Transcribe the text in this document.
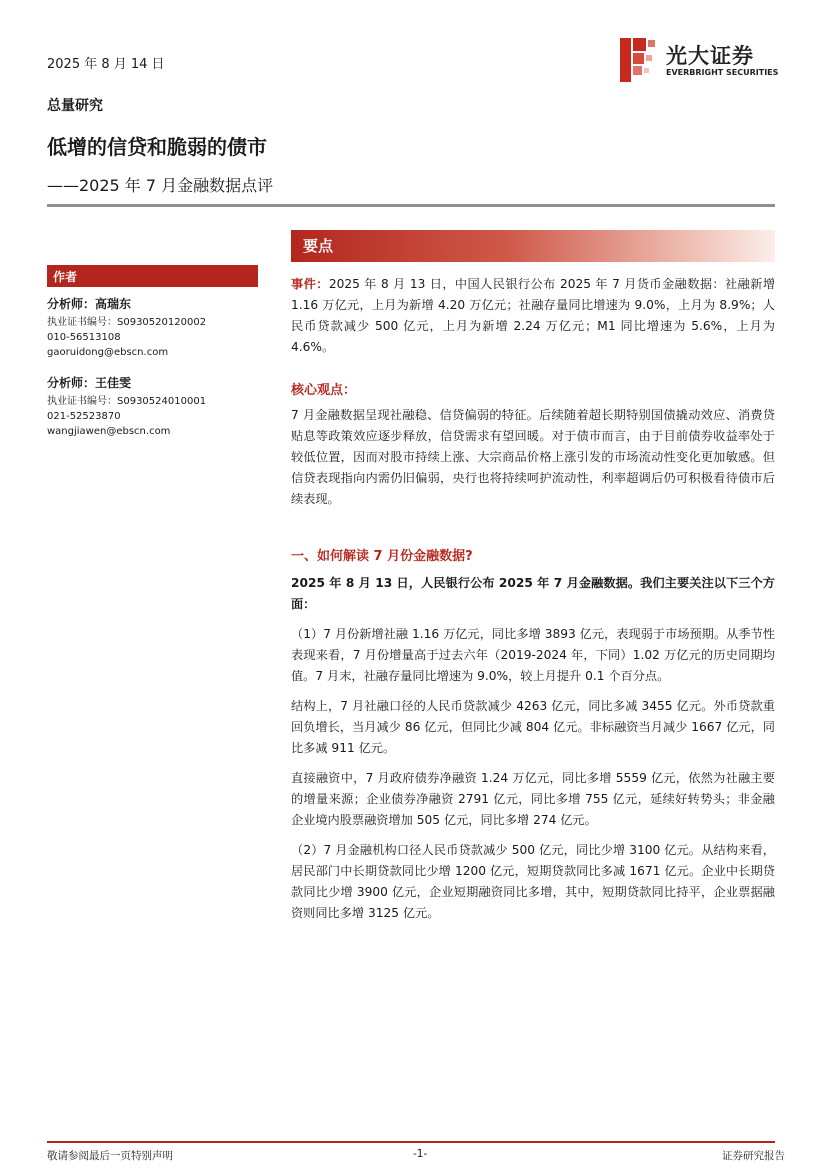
2025 年 8 月 14 日	光大证券
EVERBRIGHT SECURITIES
总量研究
低增的信贷和脆弱的债市
——2025 年 7 月金融数据点评
要点
作者
分析师：高瑞东
执业证书编号：S0930520120002
010-56513108
gaoruidong@ebscn.com
分析师：王佳雯
执业证书编号：S0930524010001
021-52523870
wangjiawen@ebscn.com

事件：2025 年 8 月 13 日，中国人民银行公布 2025 年 7 月货币金融数据：社融新增 1.16 万亿元，上月为新增 4.20 万亿元；社融存量同比增速为 9.0%，上月为 8.9%；人民币贷款减少 500 亿元，上月为新增 2.24 万亿元；M1 同比增速为 5.6%，上月为 4.6%。

核心观点：

7 月金融数据呈现社融稳、信贷偏弱的特征。后续随着超长期特别国债撬动效应、消费贷贴息等政策效应逐步释放，信贷需求有望回暖。对于债市而言，由于目前债券收益率处于较低位置，因而对股市持续上涨、大宗商品价格上涨引发的市场流动性变化更加敏感。但信贷表现指向内需仍旧偏弱，央行也将持续呵护流动性，利率超调后仍可积极看待债市后续表现。

一、如何解读 7 月份金融数据?

2025 年 8 月 13 日，人民银行公布 2025 年 7 月金融数据。我们主要关注以下三个方面：

（1）7 月份新增社融 1.16 万亿元，同比多增 3893 亿元，表现弱于市场预期。从季节性表现来看，7 月份增量高于过去六年（2019-2024 年，下同）1.02 万亿元的历史同期均值。7 月末，社融存量同比增速为 9.0%，较上月提升 0.1 个百分点。

结构上，7 月社融口径的人民币贷款减少 4263 亿元，同比多减 3455 亿元。外币贷款重回负增长，当月减少 86 亿元，但同比少减 804 亿元。非标融资当月减少 1667 亿元，同比多减 911 亿元。

直接融资中，7 月政府债券净融资 1.24 万亿元，同比多增 5559 亿元，依然为社融主要的增量来源；企业债券净融资 2791 亿元，同比多增 755 亿元，延续好转势头；非金融企业境内股票融资增加 505 亿元，同比多增 274 亿元。

（2）7 月金融机构口径人民币贷款减少 500 亿元，同比少增 3100 亿元。从结构来看，居民部门中长期贷款同比少增 1200 亿元，短期贷款同比多减 1671 亿元。企业中长期贷款同比少增 3900 亿元，企业短期融资同比多增，其中，短期贷款同比持平，企业票据融资则同比多增 3125 亿元。

敬请参阅最后一页特别声明	-1-	证券研究报告
